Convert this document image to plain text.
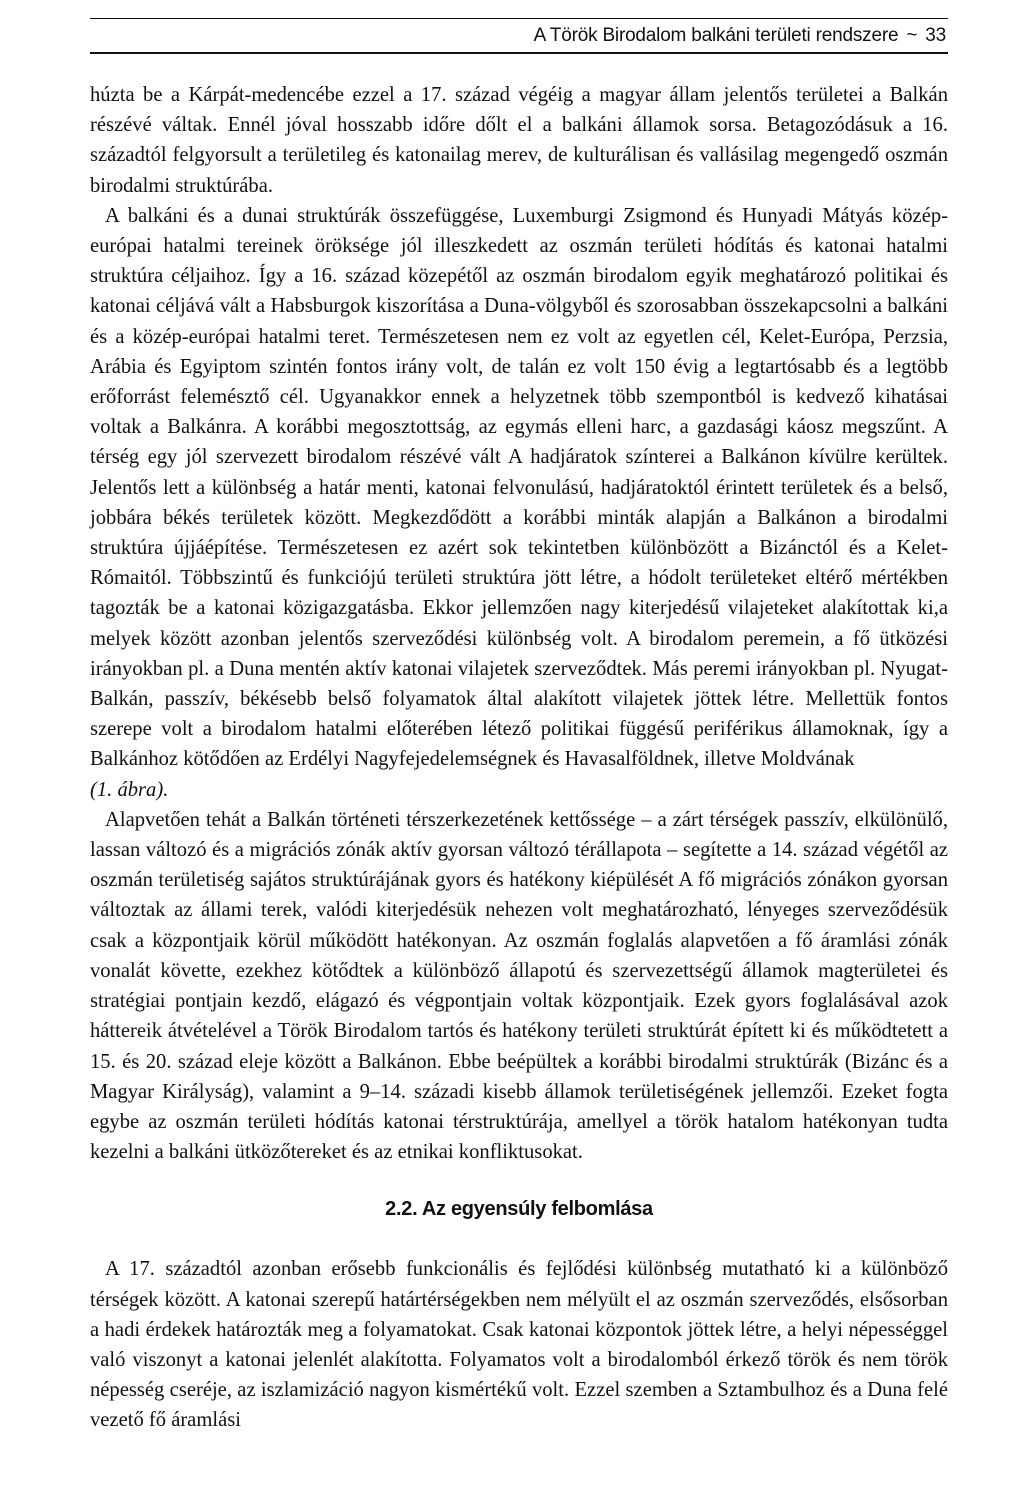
A Török Birodalom balkáni területi rendszere ~ 33

húzta be a Kárpát-medencébe ezzel a 17. század végéig a magyar állam jelentős területei a Balkán részévé váltak. Ennél jóval hosszabb időre dőlt el a balkáni államok sorsa. Betagozódásuk a 16. századtól felgyorsult a területileg és katonailag merev, de kulturálisan és vallásilag megengedő oszmán birodalmi struktúrába.

A balkáni és a dunai struktúrák összefüggése, Luxemburgi Zsigmond és Hunyadi Mátyás közép-európai hatalmi tereinek öröksége jól illeszkedett az oszmán területi hódítás és katonai hatalmi struktúra céljaihoz. Így a 16. század közepétől az oszmán birodalom egyik meghatározó politikai és katonai céljává vált a Habsburgok kiszorítása a Duna-völgyből és szorosabban összekapcsolni a balkáni és a közép-európai hatalmi teret. Természetesen nem ez volt az egyetlen cél, Kelet-Európa, Perzsia, Arábia és Egyiptom szintén fontos irány volt, de talán ez volt 150 évig a legtartósabb és a legtöbb erőforrást felemésztő cél. Ugyanakkor ennek a helyzetnek több szempontból is kedvező kihatásai voltak a Balkánra. A korábbi megosztottság, az egymás elleni harc, a gazdasági káosz megszűnt. A térség egy jól szervezett birodalom részévé vált A hadjáratok színterei a Balkánon kívülre kerültek. Jelentős lett a különbség a határ menti, katonai felvonulású, hadjáratoktól érintett területek és a belső, jobbára békés területek között. Megkezdődött a korábbi minták alapján a Balkánon a birodalmi struktúra újjáépítése. Természetesen ez azért sok tekintetben különbözött a Bizánctól és a Kelet-Rómaitól. Többszintű és funkciójú területi struktúra jött létre, a hódolt területeket eltérő mértékben tagozták be a katonai közigazgatásba. Ekkor jellemzően nagy kiterjedésű vilajeteket alakítottak ki,a melyek között azonban jelentős szerveződési különbség volt. A birodalom peremein, a fő ütközési irányokban pl. a Duna mentén aktív katonai vilajetek szerveződtek. Más peremi irányokban pl. Nyugat-Balkán, passzív, békésebb belső folyamatok által alakított vilajetek jöttek létre. Mellettük fontos szerepe volt a birodalom hatalmi előterében létező politikai függésű periférikus államoknak, így a Balkánhoz kötődően az Erdélyi Nagyfejedelemségnek és Havasalföldnek, illetve Moldvának
(1. ábra).

Alapvetően tehát a Balkán történeti térszerkezetének kettőssége – a zárt térségek passzív, elkülönülő, lassan változó és a migrációs zónák aktív gyorsan változó térállapota – segítette a 14. század végétől az oszmán területiség sajátos struktúrájának gyors és hatékony kiépülését A fő migrációs zónákon gyorsan változtak az állami terek, valódi kiterjedésük nehezen volt meghatározható, lényeges szerveződésük csak a központjaik körül működött hatékonyan. Az oszmán foglalás alapvetően a fő áramlási zónák vonalát követte, ezekhez kötődtek a különböző állapotú és szervezettségű államok magterületei és stratégiai pontjain kezdő, elágazó és végpontjain voltak központjaik. Ezek gyors foglalásával azok háttereik átvételével a Török Birodalom tartós és hatékony területi struktúrát épített ki és működtetett a 15. és 20. század eleje között a Balkánon. Ebbe beépültek a korábbi birodalmi struktúrák (Bizánc és a Magyar Királyság), valamint a 9–14. századi kisebb államok területiségének jellemzői. Ezeket fogta egybe az oszmán területi hódítás katonai térstruktúrája, amellyel a török hatalom hatékonyan tudta kezelni a balkáni ütközőtereket és az etnikai konfliktusokat.

2.2. Az egyensúly felbomlása

A 17. századtól azonban erősebb funkcionális és fejlődési különbség mutatható ki a különböző térségek között. A katonai szerepű határtérségekben nem mélyült el az oszmán szerveződés, elsősorban a hadi érdekek határozták meg a folyamatokat. Csak katonai központok jöttek létre, a helyi népességgel való viszonyt a katonai jelenlét alakította. Folyamatos volt a birodalomból érkező török és nem török népesség cseréje, az iszlamizáció nagyon kismértékű volt. Ezzel szemben a Sztambulhoz és a Duna felé vezető fő áramlási
